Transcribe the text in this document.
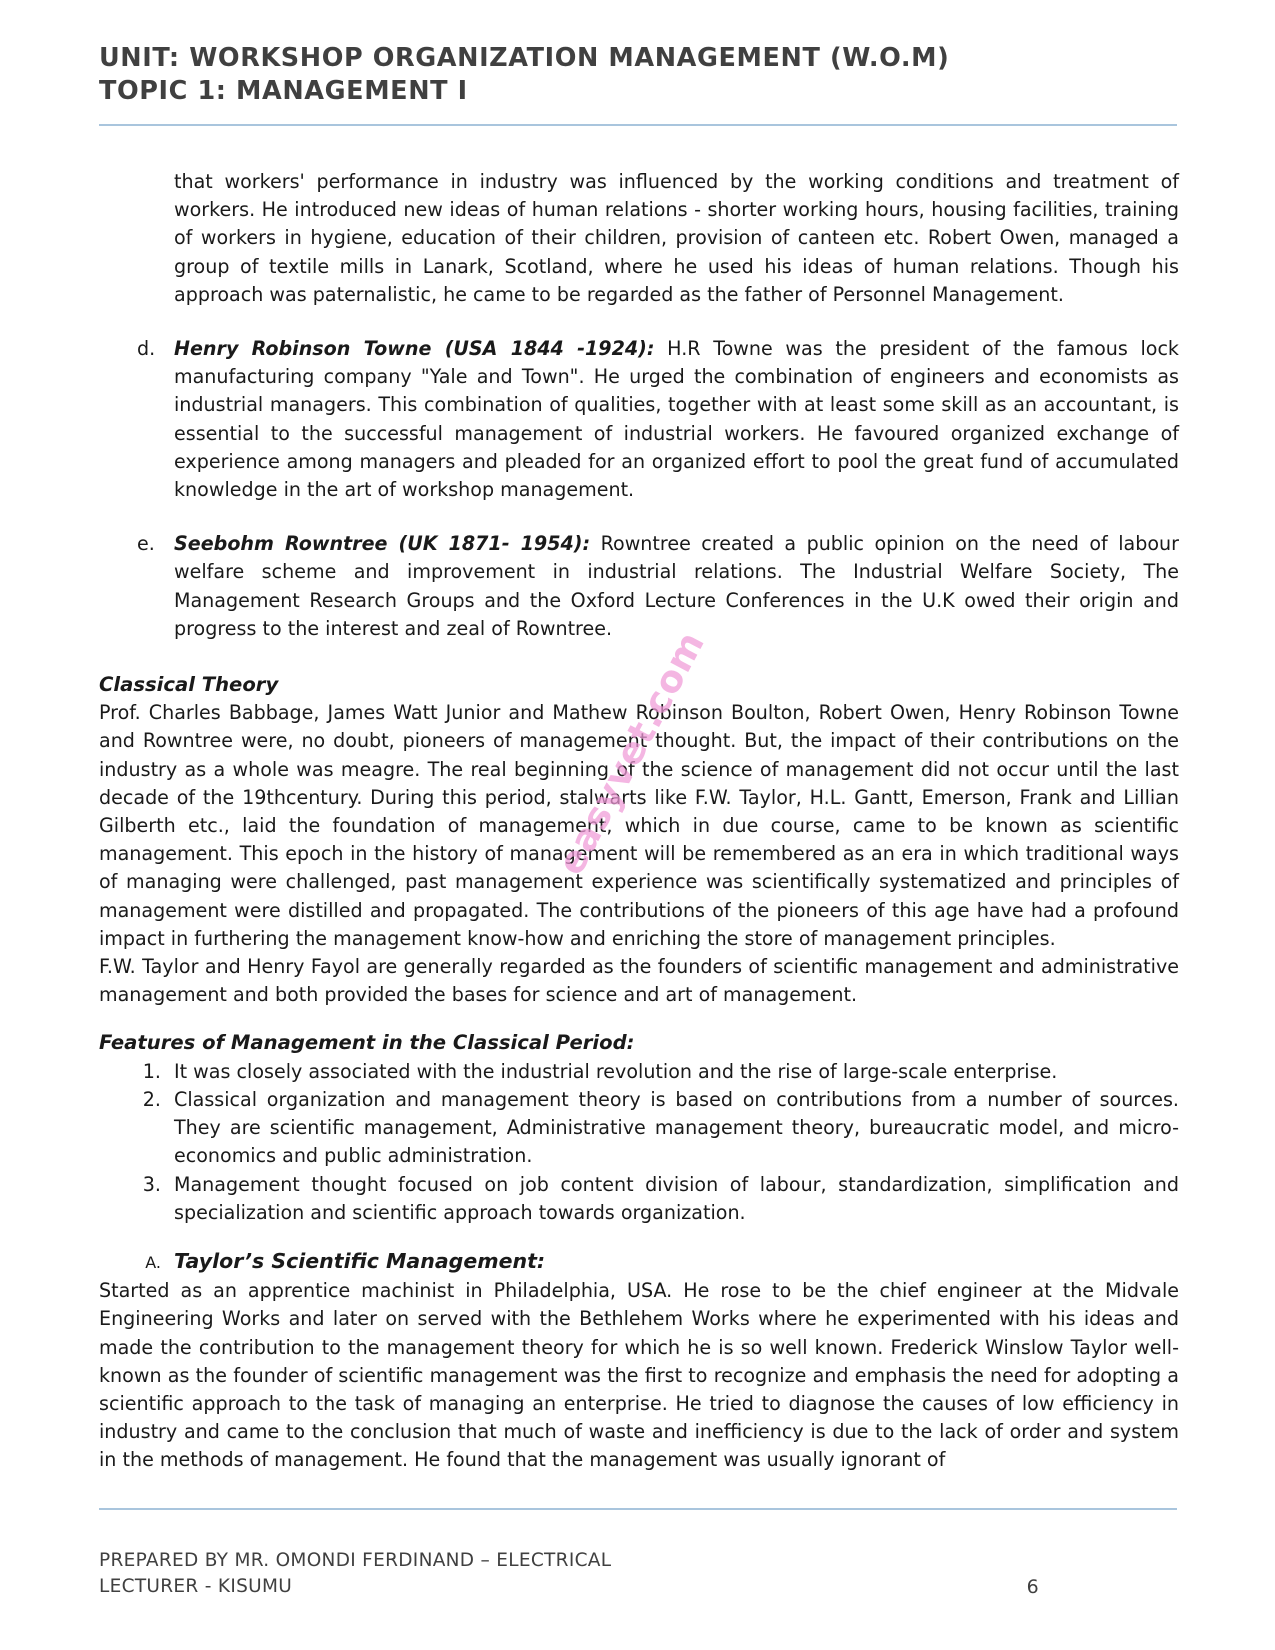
UNIT: WORKSHOP ORGANIZATION MANAGEMENT (W.O.M)
TOPIC 1: MANAGEMENT I

that workers' performance in industry was influenced by the working conditions and treatment of workers. He introduced new ideas of human relations - shorter working hours, housing facilities, training of workers in hygiene, education of their children, provision of canteen etc. Robert Owen, managed a group of textile mills in Lanark, Scotland, where he used his ideas of human relations. Though his approach was paternalistic, he came to be regarded as the father of Personnel Management.

d. Henry Robinson Towne (USA 1844 -1924): H.R Towne was the president of the famous lock manufacturing company "Yale and Town". He urged the combination of engineers and economists as industrial managers. This combination of qualities, together with at least some skill as an accountant, is essential to the successful management of industrial workers. He favoured organized exchange of experience among managers and pleaded for an organized effort to pool the great fund of accumulated knowledge in the art of workshop management.
e.	Seebohm Rowntree (UK 1871- 1954): Rowntree created a public opinion on the need of labour welfare scheme and improvement in industrial relations. The Industrial Welfare Society, The Management Research Groups and the Oxford Lecture Conferences in the U.K owed their origin and progress to the interest and zeal of Rowntree.
Classical Theory

Prof. Charles Babbage, James Watt Junior and Mathew Robinson Boulton, Robert Owen, Henry Robinson Towne and Rowntree were, no doubt, pioneers of management thought. But, the impact of their contributions on the industry as a whole was meagre. The real beginning of the science of management did not occur until the last decade of the 19thcentury. During this period, stalwarts like F.W. Taylor, H.L. Gantt, Emerson, Frank and Lillian Gilberth etc., laid the foundation of management, which in due course, came to be known as scientific management. This epoch in the history of management will be remembered as an era in which traditional ways of managing were challenged, past management experience was scientifically systematized and principles of management were distilled and propagated. The contributions of the pioneers of this age have had a profound impact in furthering the management know-how and enriching the store of management principles.

F.W. Taylor and Henry Fayol are generally regarded as the founders of scientific management and administrative management and both provided the bases for science and art of management.

Features of Management in the Classical Period:
1. It was closely associated with the industrial revolution and the rise of large-scale enterprise.
2. Classical organization and management theory is based on contributions from a number of sources. They are scientific management, Administrative management theory, bureaucratic model, and micro-economics and public administration.
3. Management thought focused on job content division of labour, standardization, simplification and specialization and scientific approach towards organization.
A. Taylor’s Scientific Management:

Started as an apprentice machinist in Philadelphia, USA. He rose to be the chief engineer at the Midvale Engineering Works and later on served with the Bethlehem Works where he experimented with his ideas and made the contribution to the management theory for which he is so well known. Frederick Winslow Taylor well-known as the founder of scientific management was the first to recognize and emphasis the need for adopting a scientific approach to the task of managing an enterprise. He tried to diagnose the causes of low efficiency in industry and came to the conclusion that much of waste and inefficiency is due to the lack of order and system in the methods of management. He found that the management was usually ignorant of

easyvet.com
PREPARED BY MR. OMONDI FERDINAND – ELECTRICAL
LECTURER - KISUMU	6
